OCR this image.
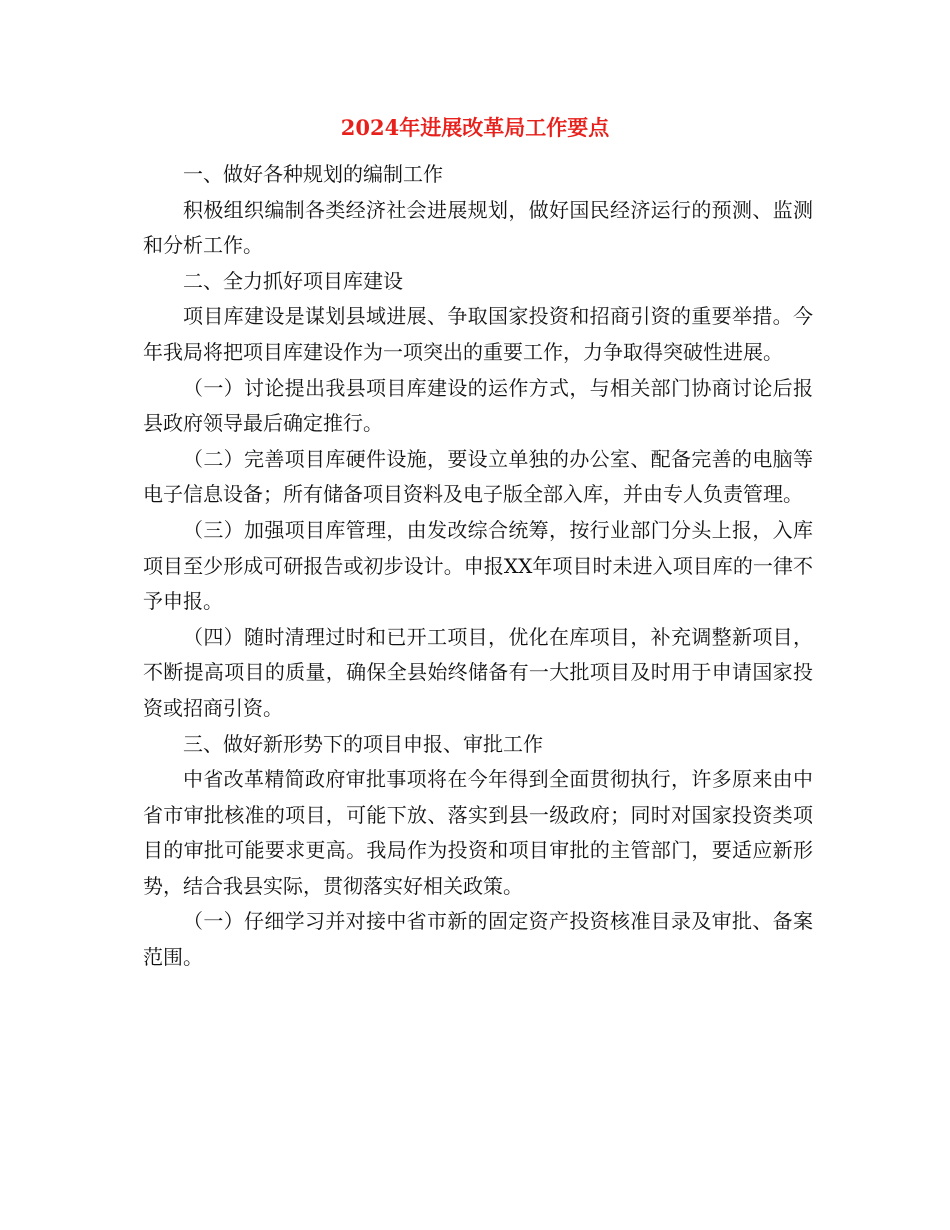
2024年进展改革局工作要点

一、做好各种规划的编制工作

积极组织编制各类经济社会进展规划，做好国民经济运行的预测、监测和分析工作。

二、全力抓好项目库建设

项目库建设是谋划县域进展、争取国家投资和招商引资的重要举措。今年我局将把项目库建设作为一项突出的重要工作，力争取得突破性进展。

（一）讨论提出我县项目库建设的运作方式，与相关部门协商讨论后报县政府领导最后确定推行。

（二）完善项目库硬件设施，要设立单独的办公室、配备完善的电脑等电子信息设备；所有储备项目资料及电子版全部入库，并由专人负责管理。

（三）加强项目库管理，由发改综合统筹，按行业部门分头上报，入库项目至少形成可研报告或初步设计。申报XX年项目时未进入项目库的一律不予申报。

（四）随时清理过时和已开工项目，优化在库项目，补充调整新项目，不断提高项目的质量，确保全县始终储备有一大批项目及时用于申请国家投资或招商引资。

三、做好新形势下的项目申报、审批工作

中省改革精简政府审批事项将在今年得到全面贯彻执行，许多原来由中省市审批核准的项目，可能下放、落实到县一级政府；同时对国家投资类项目的审批可能要求更高。我局作为投资和项目审批的主管部门，要适应新形势，结合我县实际，贯彻落实好相关政策。

（一）仔细学习并对接中省市新的固定资产投资核准目录及审批、备案范围。
